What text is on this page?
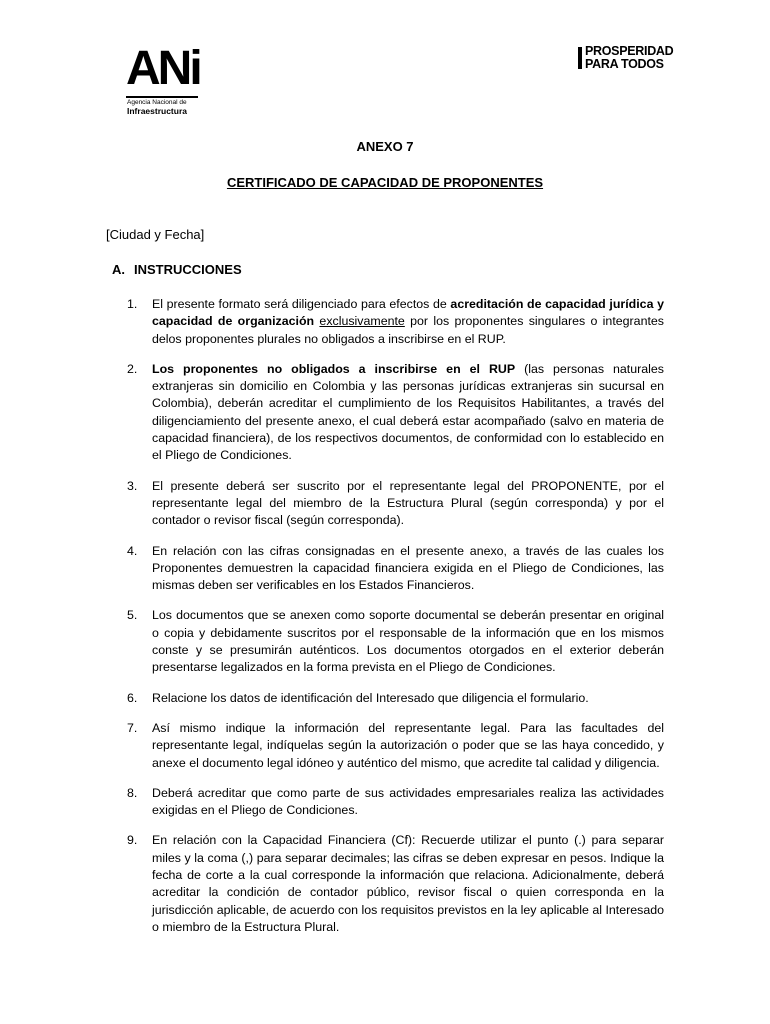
ANi
Agencia Nacional de
Infraestructura
PROSPERIDAD
PARA TODOS
ANEXO 7
CERTIFICADO DE CAPACIDAD DE PROPONENTES
[Ciudad y Fecha]
A. INSTRUCCIONES
1. El presente formato será diligenciado para efectos de acreditación de capacidad jurídica y capacidad de organización exclusivamente por los proponentes singulares o integrantes delos proponentes plurales no obligados a inscribirse en el RUP.
2. Los proponentes no obligados a inscribirse en el RUP (las personas naturales extranjeras sin domicilio en Colombia y las personas jurídicas extranjeras sin sucursal en Colombia), deberán acreditar el cumplimiento de los Requisitos Habilitantes, a través del diligenciamiento del presente anexo, el cual deberá estar acompañado (salvo en materia de capacidad financiera), de los respectivos documentos, de conformidad con lo establecido en el Pliego de Condiciones.
3. El presente deberá ser suscrito por el representante legal del PROPONENTE, por el representante legal del miembro de la Estructura Plural (según corresponda) y por el contador o revisor fiscal (según corresponda).
4. En relación con las cifras consignadas en el presente anexo, a través de las cuales los Proponentes demuestren la capacidad financiera exigida en el Pliego de Condiciones, las mismas deben ser verificables en los Estados Financieros.
5. Los documentos que se anexen como soporte documental se deberán presentar en original o copia y debidamente suscritos por el responsable de la información que en los mismos conste y se presumirán auténticos. Los documentos otorgados en el exterior deberán presentarse legalizados en la forma prevista en el Pliego de Condiciones.
6. Relacione los datos de identificación del Interesado que diligencia el formulario.
7. Así mismo indique la información del representante legal. Para las facultades del representante legal, indíquelas según la autorización o poder que se las haya concedido, y anexe el documento legal idóneo y auténtico del mismo, que acredite tal calidad y diligencia.
8. Deberá acreditar que como parte de sus actividades empresariales realiza las actividades exigidas en el Pliego de Condiciones.
9. En relación con la Capacidad Financiera (Cf): Recuerde utilizar el punto (.) para separar miles y la coma (,) para separar decimales; las cifras se deben expresar en pesos. Indique la fecha de corte a la cual corresponde la información que relaciona. Adicionalmente, deberá acreditar la condición de contador público, revisor fiscal o quien corresponda en la jurisdicción aplicable, de acuerdo con los requisitos previstos en la ley aplicable al Interesado o miembro de la Estructura Plural.
